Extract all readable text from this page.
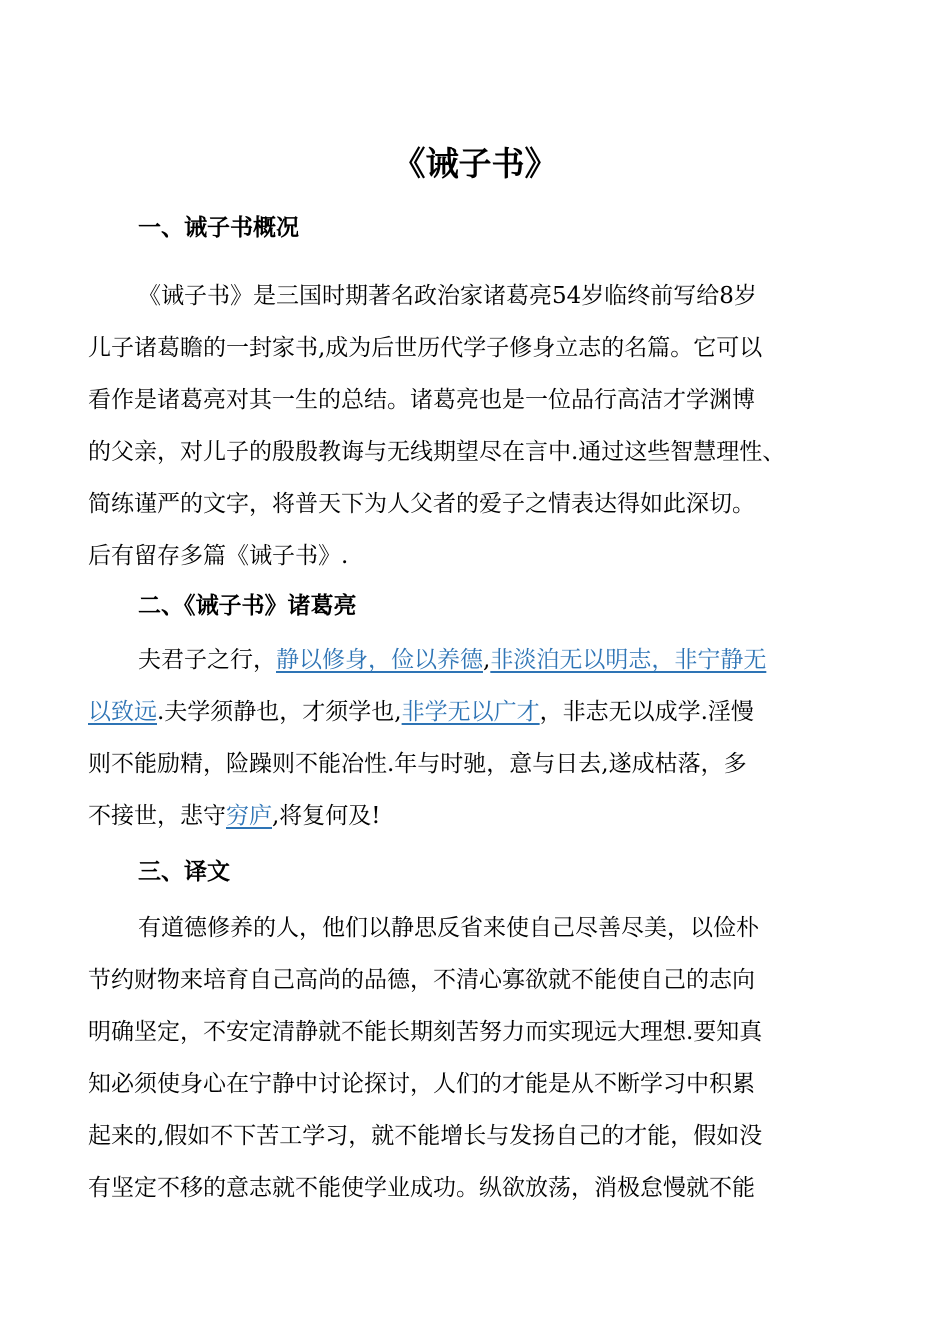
《诫子书》
一、诫子书概况
《诫子书》是三国时期著名政治家诸葛亮54岁临终前写给8岁
儿子诸葛瞻的一封家书,成为后世历代学子修身立志的名篇。它可以
看作是诸葛亮对其一生的总结。诸葛亮也是一位品行高洁才学渊博
的父亲，对儿子的殷殷教诲与无线期望尽在言中.通过这些智慧理性、
简练谨严的文字，将普天下为人父者的爱子之情表达得如此深切。
后有留存多篇《诫子书》.
二、《诫子书》诸葛亮
夫君子之行，静以修身，俭以养德,非淡泊无以明志，非宁静无
以致远.夫学须静也，才须学也,非学无以广才，非志无以成学.淫慢
则不能励精，险躁则不能冶性.年与时驰，意与日去,遂成枯落，多
不接世，悲守穷庐,将复何及!
三、译文
有道德修养的人，他们以静思反省来使自己尽善尽美，以俭朴
节约财物来培育自己高尚的品德，不清心寡欲就不能使自己的志向
明确坚定，不安定清静就不能长期刻苦努力而实现远大理想.要知真
知必须使身心在宁静中讨论探讨，人们的才能是从不断学习中积累
起来的,假如不下苦工学习，就不能增长与发扬自己的才能，假如没
有坚定不移的意志就不能使学业成功。纵欲放荡，消极怠慢就不能
